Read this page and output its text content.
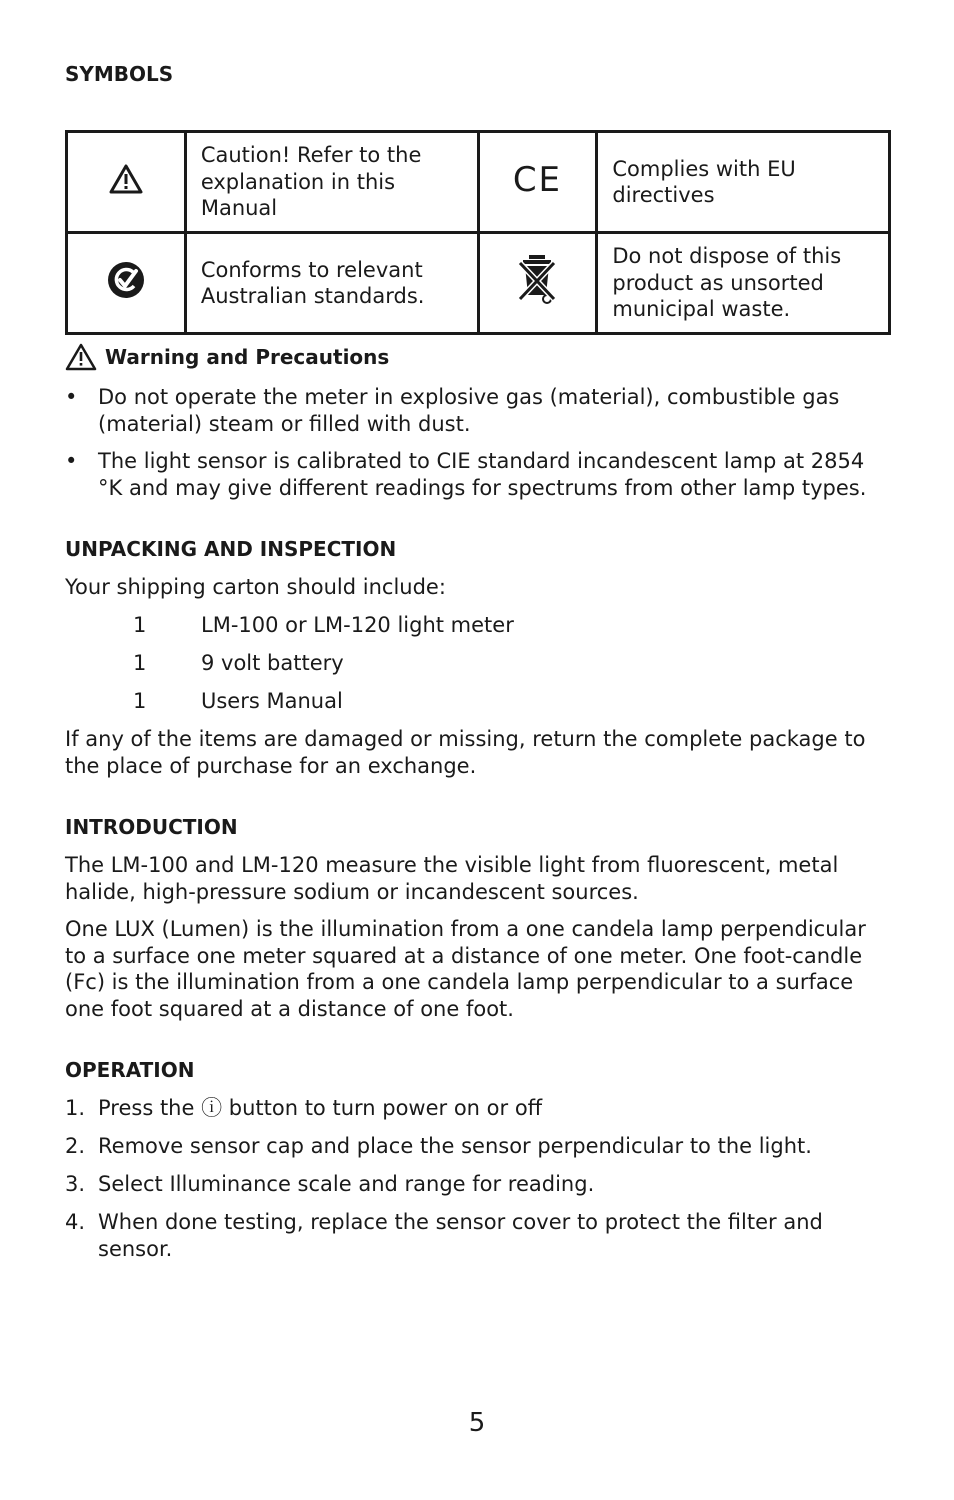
SYMBOLS
	Caution! Refer to the explanation in this Manual	CE	Complies with EU directives
	Conforms to relevant Australian standards.		Do not dispose of this product as unsorted municipal waste.
Warning and Precautions
• Do not operate the meter in explosive gas (material), combustible gas (material) steam or filled with dust.
• The light sensor is calibrated to CIE standard incandescent lamp at 2854 °K and may give different readings for spectrums from other lamp types.
UNPACKING AND INSPECTION

Your shipping carton should include:

1	LM-100 or LM-120 light meter
1	9 volt battery
1	Users Manual

If any of the items are damaged or missing, return the complete package to the place of purchase for an exchange.

INTRODUCTION

The LM-100 and LM-120 measure the visible light from fluorescent, metal halide, high-pressure sodium or incandescent sources.

One LUX (Lumen) is the illumination from a one candela lamp perpendicular to a surface one meter squared at a distance of one meter. One foot-candle (Fc) is the illumination from a one candela lamp perpendicular to a surface one foot squared at a distance of one foot.

OPERATION
1. Press the ⓘ button to turn power on or off
2. Remove sensor cap and place the sensor perpendicular to the light.
3. Select Illuminance scale and range for reading.
4. When done testing, replace the sensor cover to protect the filter and sensor.
5
